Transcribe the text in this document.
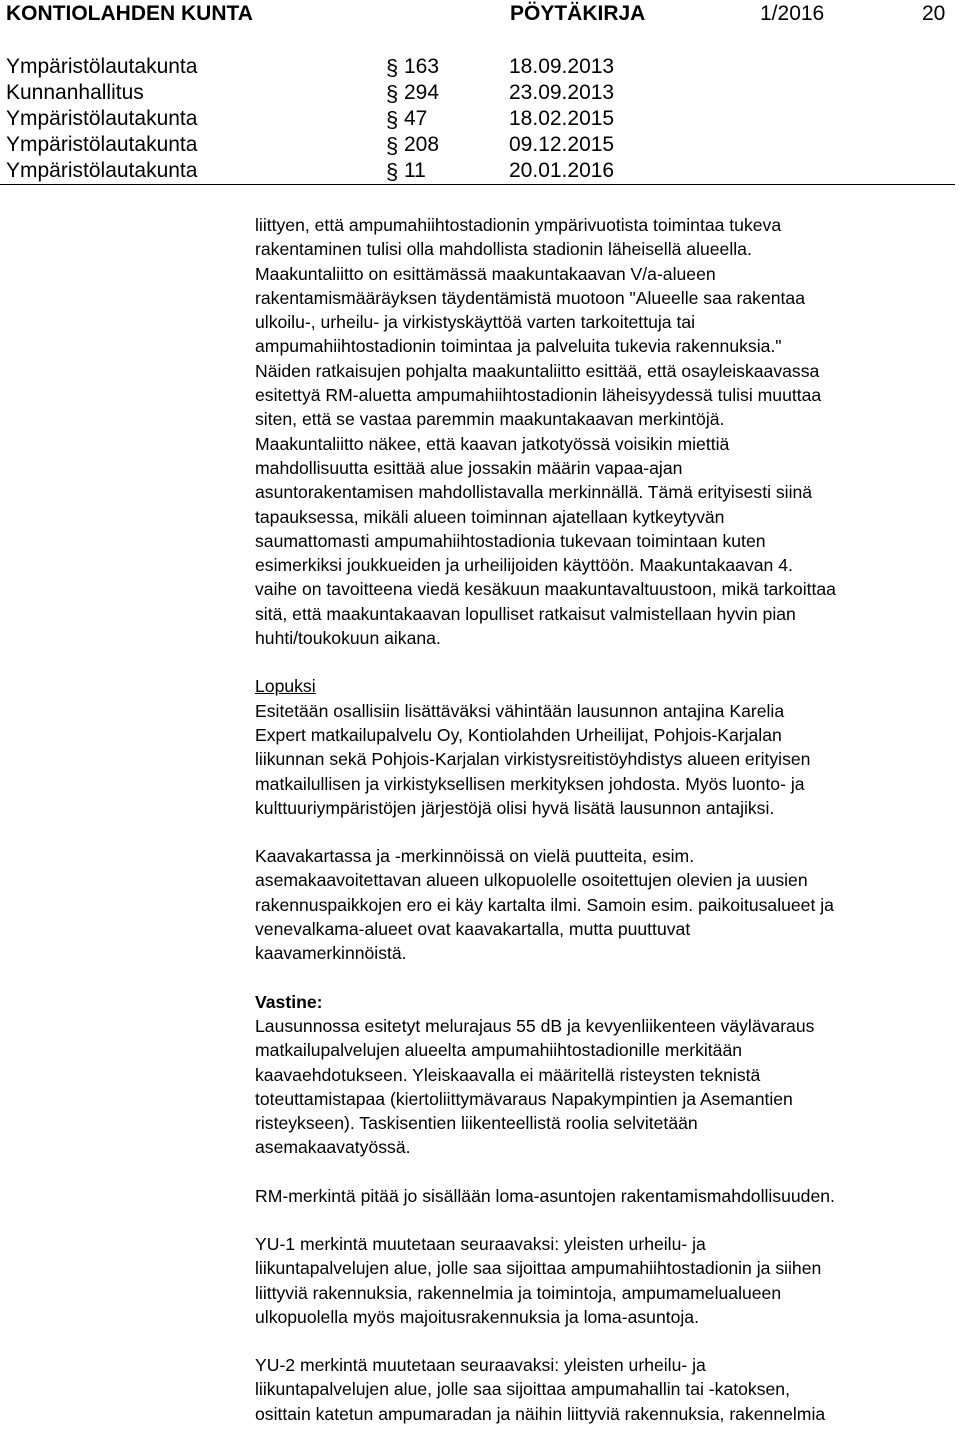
KONTIOLAHDEN KUNTA	PÖYTÄKIRJA	1/2016	20
Ympäristölautakunta	§ 163	18.09.2013
Kunnanhallitus	§ 294	23.09.2013
Ympäristölautakunta	§ 47	18.02.2015
Ympäristölautakunta	§ 208	09.12.2015
Ympäristölautakunta	§ 11	20.01.2016

liittyen, että ampumahiihtostadionin ympärivuotista toimintaa tukeva
rakentaminen tulisi olla mahdollista stadionin läheisellä alueella.
Maakuntaliitto on esittämässä maakuntakaavan V/a-alueen
rakentamismääräyksen täydentämistä muotoon "Alueelle saa rakentaa
ulkoilu-, urheilu- ja virkistyskäyttöä varten tarkoitettuja tai
ampumahiihtostadionin toimintaa ja palveluita tukevia rakennuksia."
Näiden ratkaisujen pohjalta maakuntaliitto esittää, että osayleiskaavassa
esitettyä RM-aluetta ampumahiihtostadionin läheisyydessä tulisi muuttaa
siten, että se vastaa paremmin maakuntakaavan merkintöjä.
Maakuntaliitto näkee, että kaavan jatkotyössä voisikin miettiä
mahdollisuutta esittää alue jossakin määrin vapaa-ajan
asuntorakentamisen mahdollistavalla merkinnällä. Tämä erityisesti siinä
tapauksessa, mikäli alueen toiminnan ajatellaan kytkeytyvän
saumattomasti ampumahiihtostadionia tukevaan toimintaan kuten
esimerkiksi joukkueiden ja urheilijoiden käyttöön. Maakuntakaavan 4.
vaihe on tavoitteena viedä kesäkuun maakuntavaltuustoon, mikä tarkoittaa
sitä, että maakuntakaavan lopulliset ratkaisut valmistellaan hyvin pian
huhti/toukokuun aikana.

Lopuksi

Esitetään osallisiin lisättäväksi vähintään lausunnon antajina Karelia
Expert matkailupalvelu Oy, Kontiolahden Urheilijat, Pohjois-Karjalan
liikunnan sekä Pohjois-Karjalan virkistysreitistöyhdistys alueen erityisen
matkailullisen ja virkistyksellisen merkityksen johdosta. Myös luonto- ja
kulttuuriympäristöjen järjestöjä olisi hyvä lisätä lausunnon antajiksi.

Kaavakartassa ja -merkinnöissä on vielä puutteita, esim.
asemakaavoitettavan alueen ulkopuolelle osoitettujen olevien ja uusien
rakennuspaikkojen ero ei käy kartalta ilmi. Samoin esim. paikoitusalueet ja
venevalkama-alueet ovat kaavakartalla, mutta puuttuvat
kaavamerkinnöistä.

Vastine:

Lausunnossa esitetyt melurajaus 55 dB ja kevyenliikenteen väylävaraus
matkailupalvelujen alueelta ampumahiihtostadionille merkitään
kaavaehdotukseen. Yleiskaavalla ei määritellä risteysten teknistä
toteuttamistapaa (kiertoliittymävaraus Napakympintien ja Asemantien
risteykseen). Taskisentien liikenteellistä roolia selvitetään
asemakaavatyössä.

RM-merkintä pitää jo sisällään loma-asuntojen rakentamismahdollisuuden.

YU-1 merkintä muutetaan seuraavaksi: yleisten urheilu- ja
liikuntapalvelujen alue, jolle saa sijoittaa ampumahiihtostadionin ja siihen
liittyviä rakennuksia, rakennelmia ja toimintoja, ampumamelualueen
ulkopuolella myös majoitusrakennuksia ja loma-asuntoja.

YU-2 merkintä muutetaan seuraavaksi: yleisten urheilu- ja
liikuntapalvelujen alue, jolle saa sijoittaa ampumahallin tai -katoksen,
osittain katetun ampumaradan ja näihin liittyviä rakennuksia, rakennelmia
